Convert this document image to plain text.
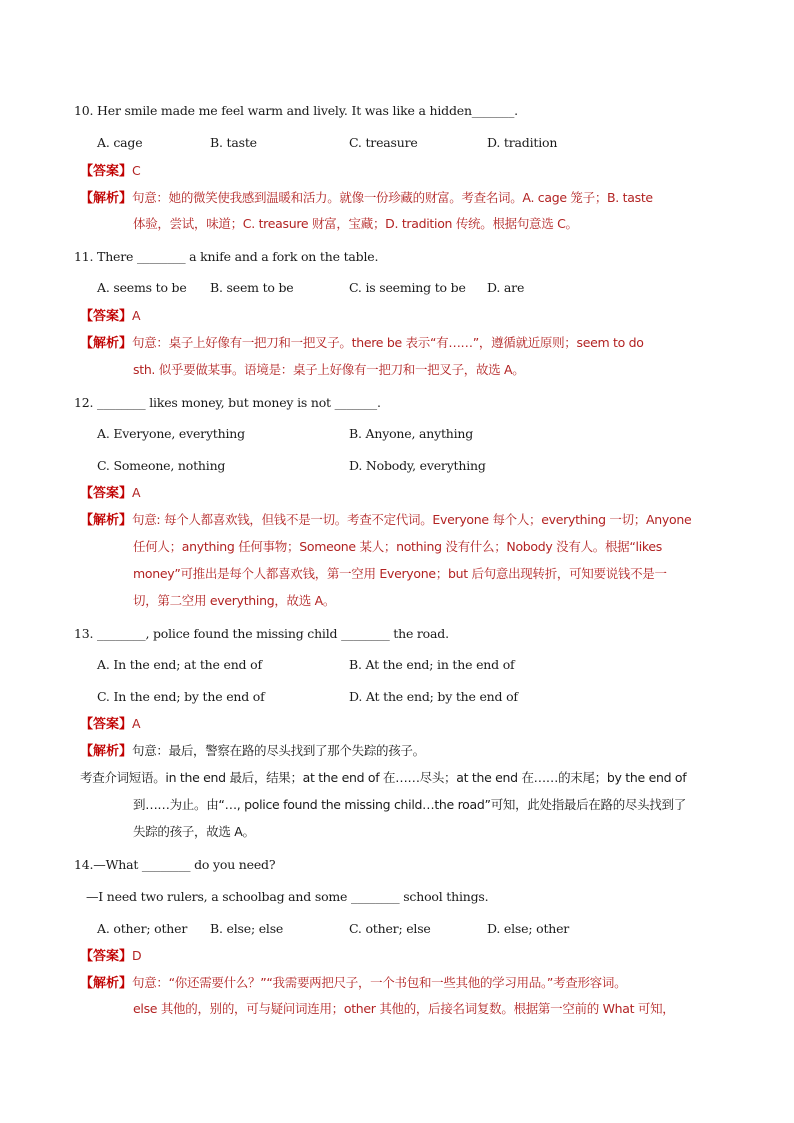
10. Her smile made me feel warm and lively. It was like a hidden_______.
A. cage	B. taste	C. treasure	D. tradition
【答案】C
【解析】句意：她的微笑使我感到温暖和活力。就像一份珍藏的财富。考查名词。A. cage 笼子；B. taste
体验，尝试，味道；C. treasure 财富，宝藏；D. tradition 传统。根据句意选 C。
11. There ________ a knife and a fork on the table.
A. seems to be B. seem to be	C. is seeming to be D. are
【答案】A
【解析】句意：桌子上好像有一把刀和一把叉子。there be 表示“有……”，遵循就近原则；seem to do
sth. 似乎要做某事。语境是：桌子上好像有一把刀和一把叉子，故选 A。
12. ________ likes money, but money is not _______.
A. Everyone, everything	B. Anyone, anything
C. Someone, nothing	D. Nobody, everything
【答案】A
【解析】句意: 每个人都喜欢钱，但钱不是一切。考查不定代词。Everyone 每个人；everything 一切；Anyone
任何人；anything 任何事物；Someone 某人；nothing 没有什么；Nobody 没有人。根据“likes
money”可推出是每个人都喜欢钱，第一空用 Everyone；but 后句意出现转折，可知要说钱不是一
切，第二空用 everything，故选 A。
13. ________, police found the missing child ________ the road.
A. In the end; at the end of	B. At the end; in the end of
C. In the end; by the end of	D. At the end; by the end of
【答案】A
【解析】句意：最后，警察在路的尽头找到了那个失踪的孩子。
考查介词短语。in the end 最后，结果；at the end of 在……尽头；at the end 在……的末尾；by the end of
到……为止。由“…, police found the missing child…the road”可知，此处指最后在路的尽头找到了
失踪的孩子，故选 A。
14.—What ________ do you need?
—I need two rulers, a schoolbag and some ________ school things.
A. other; other B. else; else	C. other; else	D. else; other
【答案】D
【解析】句意：“你还需要什么？”“我需要两把尺子，一个书包和一些其他的学习用品。”考查形容词。
else 其他的，别的，可与疑问词连用；other 其他的，后接名词复数。根据第一空前的 What 可知，
